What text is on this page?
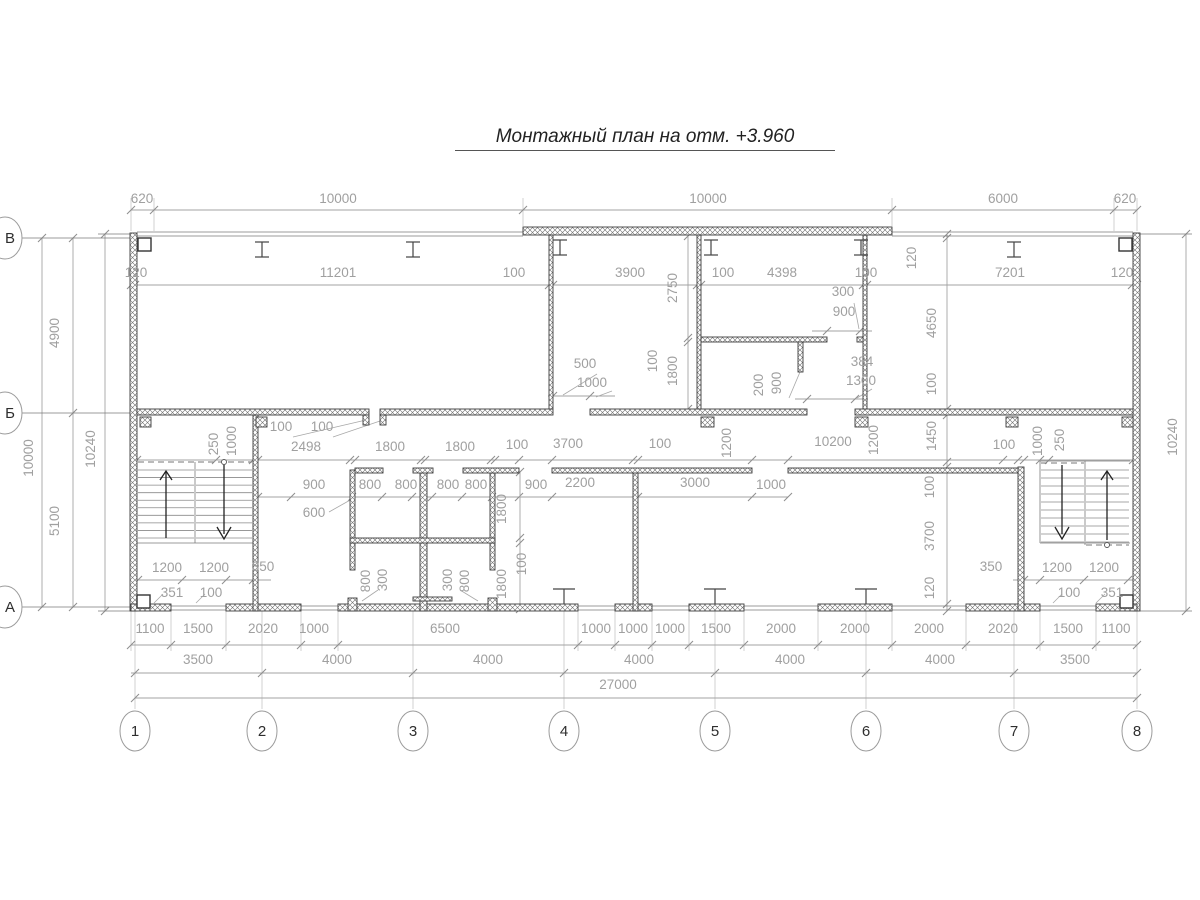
Монтажный план на отм. +3.960
620	10000	10000	6000	620
120	11201	100	3900	100 4398	100	7201	120
2750
100 1800
500
1000
300
900
200 900
384
1300
250 1000 100 100
2498	1800	1800 100 3700	100	1200	10200 1200	100 1000 250
900
600
800 800 800 800	900 2200	3000	1000
1800
100
1800
800 300	300 800
1200 1200 350
351 100
350	1200 1200
100 351
120
4650
100
1450
100
3700
120
10240
4900
10000	10240
5100
1100 1500	2020 1000	6500	1000 1000 1000 1500	2000	2000	2000	2020	1500 1100
3500	4000	4000	4000	4000	4000	3500
27000
1	2	3	4	5	6	7	8
В
Б
А
